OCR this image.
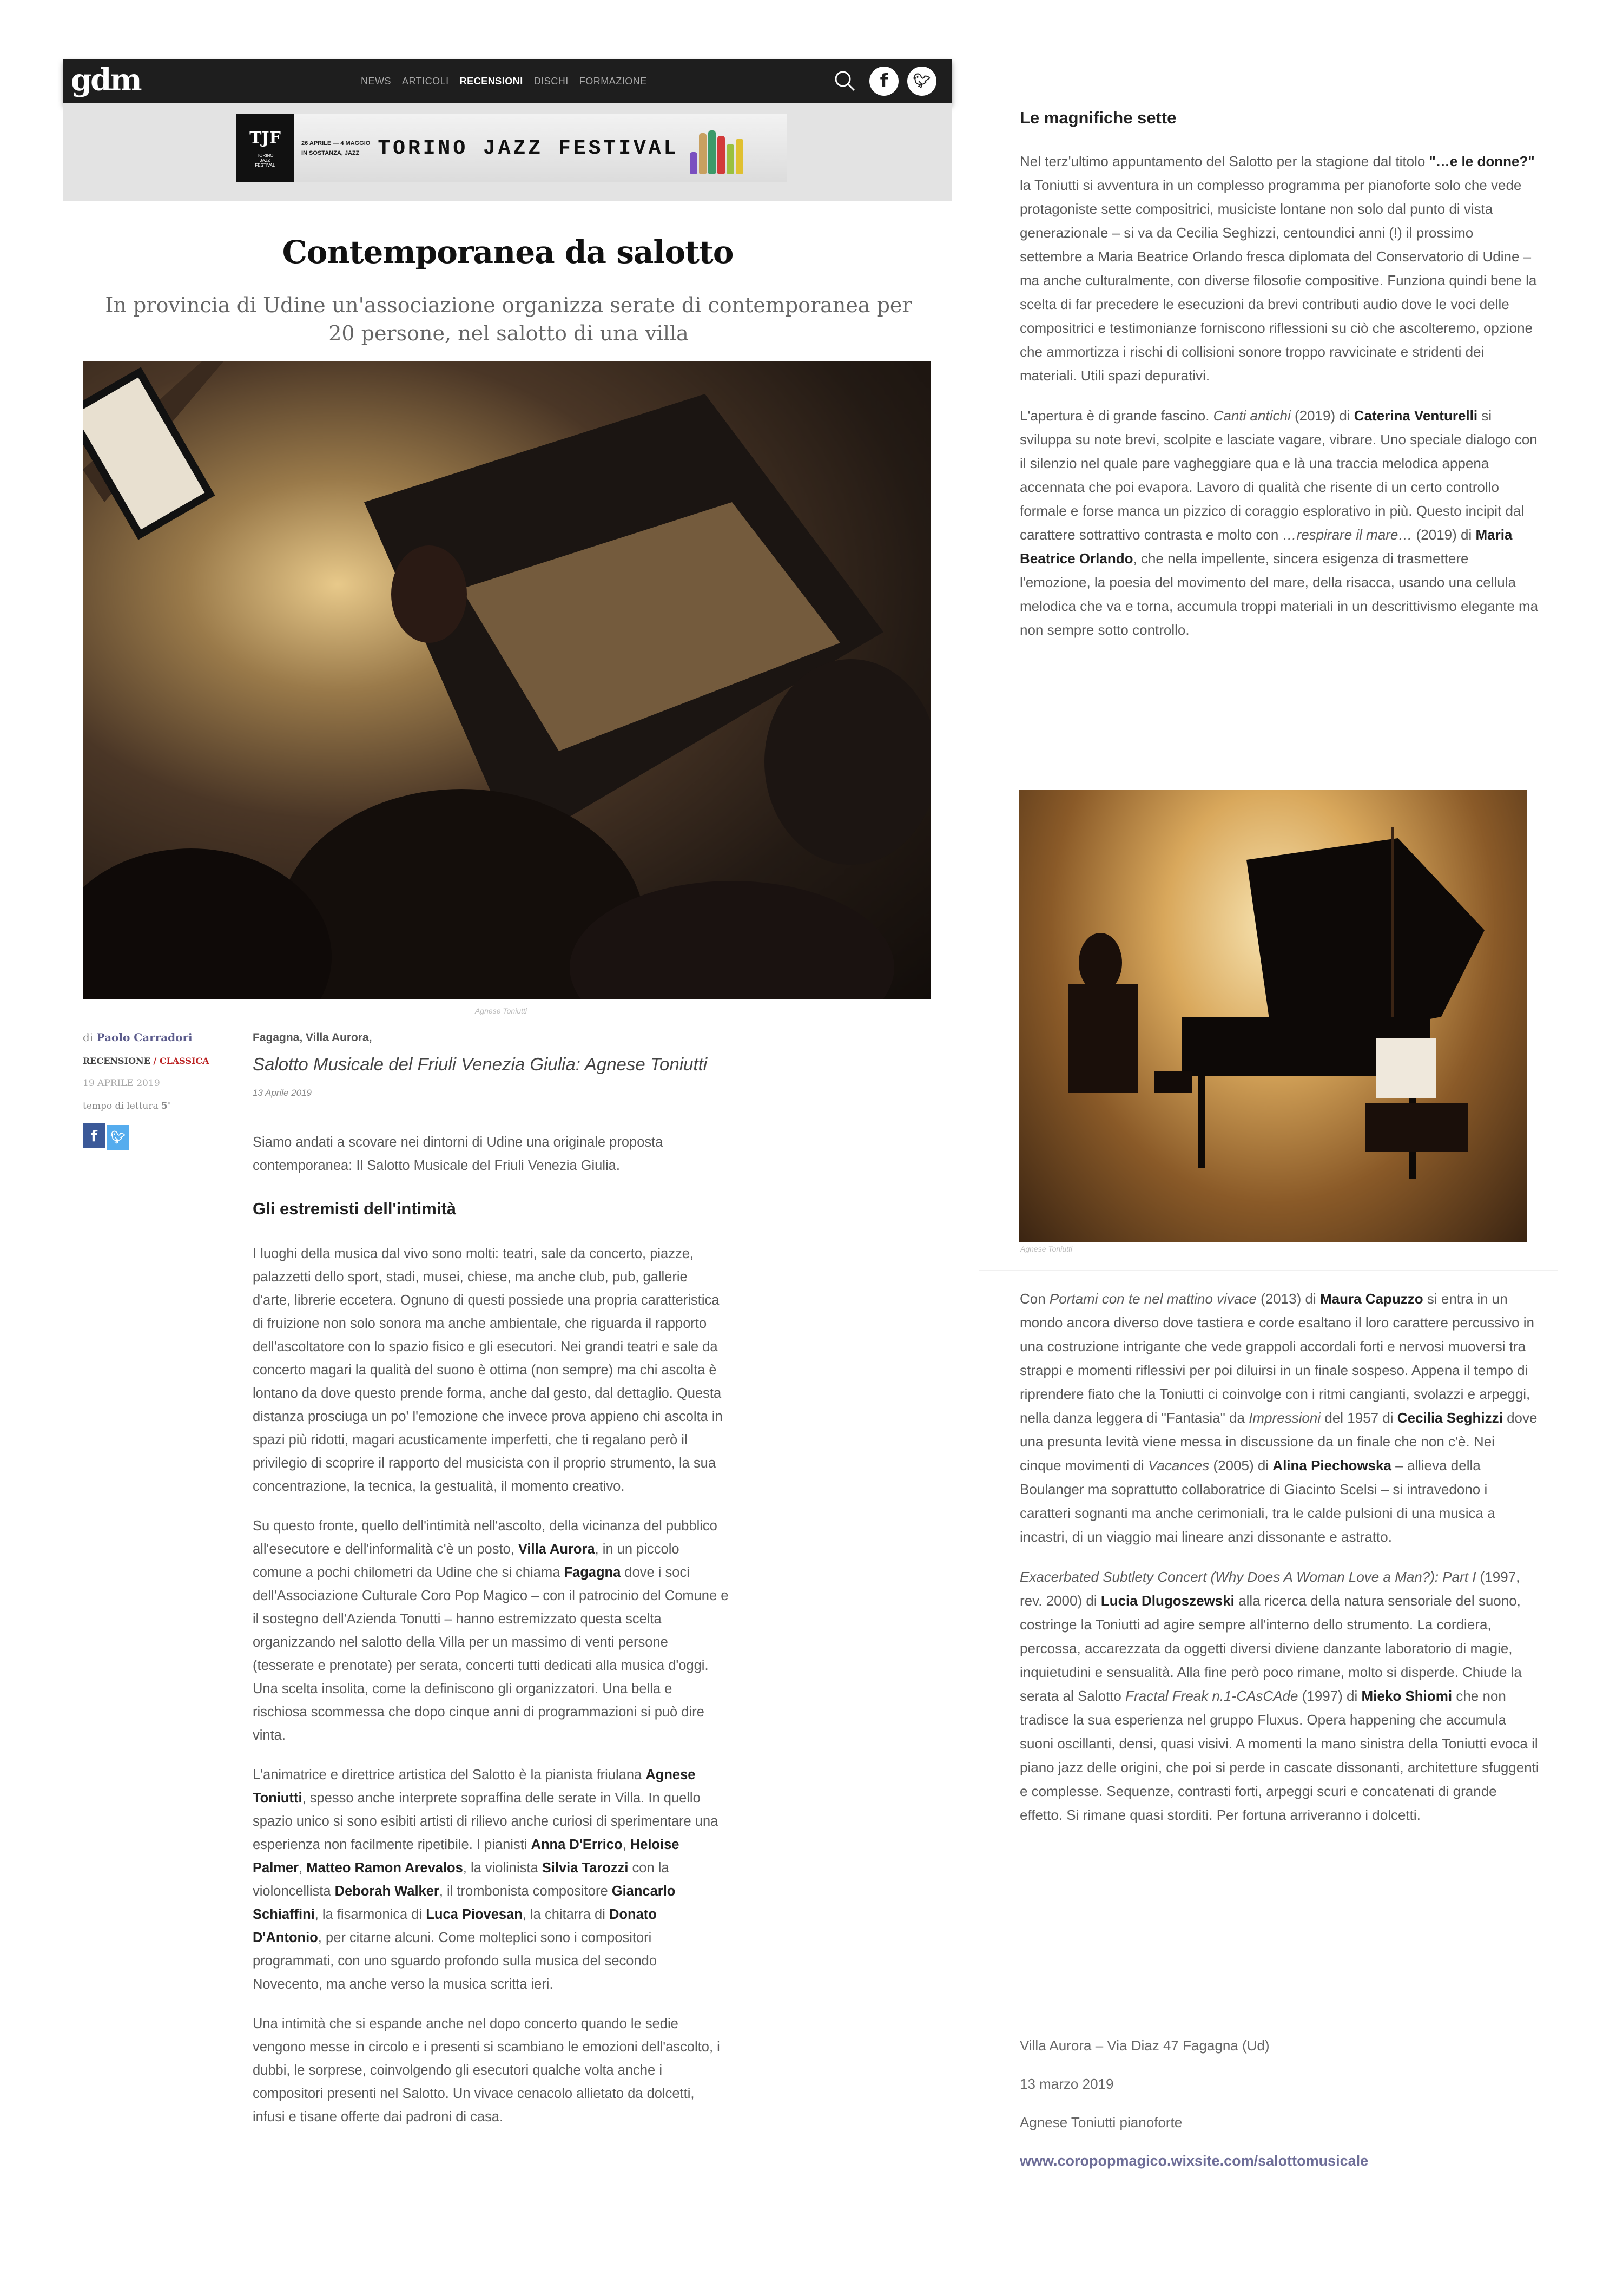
gdm	NEWS ARTICOLI RECENSIONI DISCHI FORMAZIONE	f	🐦︎
TJF
TORINO JAZZ FESTIVAL
26 APRILE — 4 MAGGIO
IN SOSTANZA, JAZZ TORINO JAZZ FESTIVAL
Contemporanea da salotto
In provincia di Udine un'associazione organizza serate di contemporanea per 20 persone, nel salotto di una villa
Agnese Toniutti
di Paolo Carradori
RECENSIONE / CLASSICA
19 APRILE 2019
tempo di lettura 5'
f 🐦︎
Fagagna, Villa Aurora,
Salotto Musicale del Friuli Venezia Giulia: Agnese Toniutti
13 Aprile 2019

Siamo andati a scovare nei dintorni di Udine una originale proposta contemporanea: Il Salotto Musicale del Friuli Venezia Giulia.

Gli estremisti dell'intimità

I luoghi della musica dal vivo sono molti: teatri, sale da concerto, piazze, palazzetti dello sport, stadi, musei, chiese, ma anche club, pub, gallerie d'arte, librerie eccetera. Ognuno di questi possiede una propria caratteristica di fruizione non solo sonora ma anche ambientale, che riguarda il rapporto dell'ascoltatore con lo spazio fisico e gli esecutori. Nei grandi teatri e sale da concerto magari la qualità del suono è ottima (non sempre) ma chi ascolta è lontano da dove questo prende forma, anche dal gesto, dal dettaglio. Questa distanza prosciuga un po' l'emozione che invece prova appieno chi ascolta in spazi più ridotti, magari acusticamente imperfetti, che ti regalano però il privilegio di scoprire il rapporto del musicista con il proprio strumento, la sua concentrazione, la tecnica, la gestualità, il momento creativo.

Su questo fronte, quello dell'intimità nell'ascolto, della vicinanza del pubblico all'esecutore e dell'informalità c'è un posto, Villa Aurora, in un piccolo comune a pochi chilometri da Udine che si chiama Fagagna dove i soci dell'Associazione Culturale Coro Pop Magico – con il patrocinio del Comune e il sostegno dell'Azienda Tonutti – hanno estremizzato questa scelta organizzando nel salotto della Villa per un massimo di venti persone (tesserate e prenotate) per serata, concerti tutti dedicati alla musica d'oggi. Una scelta insolita, come la definiscono gli organizzatori. Una bella e rischiosa scommessa che dopo cinque anni di programmazioni si può dire vinta.

L'animatrice e direttrice artistica del Salotto è la pianista friulana Agnese Toniutti, spesso anche interprete sopraffina delle serate in Villa. In quello spazio unico si sono esibiti artisti di rilievo anche curiosi di sperimentare una esperienza non facilmente ripetibile. I pianisti Anna D'Errico, Heloise Palmer, Matteo Ramon Arevalos, la violinista Silvia Tarozzi con la violoncellista Deborah Walker, il trombonista compositore Giancarlo Schiaffini, la fisarmonica di Luca Piovesan, la chitarra di Donato D'Antonio, per citarne alcuni. Come molteplici sono i compositori programmati, con uno sguardo profondo sulla musica del secondo Novecento, ma anche verso la musica scritta ieri.

Una intimità che si espande anche nel dopo concerto quando le sedie vengono messe in circolo e i presenti si scambiano le emozioni dell'ascolto, i dubbi, le sorprese, coinvolgendo gli esecutori qualche volta anche i compositori presenti nel Salotto. Un vivace cenacolo allietato da dolcetti, infusi e tisane offerte dai padroni di casa.

Le magnifiche sette

Nel terz'ultimo appuntamento del Salotto per la stagione dal titolo "…e le donne?" la Toniutti si avventura in un complesso programma per pianoforte solo che vede protagoniste sette compositrici, musiciste lontane non solo dal punto di vista generazionale – si va da Cecilia Seghizzi, centoundici anni (!) il prossimo settembre a Maria Beatrice Orlando fresca diplomata del Conservatorio di Udine – ma anche culturalmente, con diverse filosofie compositive. Funziona quindi bene la scelta di far precedere le esecuzioni da brevi contributi audio dove le voci delle compositrici e testimonianze forniscono riflessioni su ciò che ascolteremo, opzione che ammortizza i rischi di collisioni sonore troppo ravvicinate e stridenti dei materiali. Utili spazi depurativi.

L'apertura è di grande fascino. Canti antichi (2019) di Caterina Venturelli si sviluppa su note brevi, scolpite e lasciate vagare, vibrare. Uno speciale dialogo con il silenzio nel quale pare vagheggiare qua e là una traccia melodica appena accennata che poi evapora. Lavoro di qualità che risente di un certo controllo formale e forse manca un pizzico di coraggio esplorativo in più. Questo incipit dal carattere sottrattivo contrasta e molto con …respirare il mare… (2019) di Maria Beatrice Orlando, che nella impellente, sincera esigenza di trasmettere l'emozione, la poesia del movimento del mare, della risacca, usando una cellula melodica che va e torna, accumula troppi materiali in un descrittivismo elegante ma non sempre sotto controllo.

Agnese Toniutti

Con Portami con te nel mattino vivace (2013) di Maura Capuzzo si entra in un mondo ancora diverso dove tastiera e corde esaltano il loro carattere percussivo in una costruzione intrigante che vede grappoli accordali forti e nervosi muoversi tra strappi e momenti riflessivi per poi diluirsi in un finale sospeso. Appena il tempo di riprendere fiato che la Toniutti ci coinvolge con i ritmi cangianti, svolazzi e arpeggi, nella danza leggera di "Fantasia" da Impressioni del 1957 di Cecilia Seghizzi dove una presunta levità viene messa in discussione da un finale che non c'è. Nei cinque movimenti di Vacances (2005) di Alina Piechowska – allieva della Boulanger ma soprattutto collaboratrice di Giacinto Scelsi – si intravedono i caratteri sognanti ma anche cerimoniali, tra le calde pulsioni di una musica a incastri, di un viaggio mai lineare anzi dissonante e astratto.

Exacerbated Subtlety Concert (Why Does A Woman Love a Man?): Part I (1997, rev. 2000) di Lucia Dlugoszewski alla ricerca della natura sensoriale del suono, costringe la Toniutti ad agire sempre all'interno dello strumento. La cordiera, percossa, accarezzata da oggetti diversi diviene danzante laboratorio di magie, inquietudini e sensualità. Alla fine però poco rimane, molto si disperde. Chiude la serata al Salotto Fractal Freak n.1-CAsCAde (1997) di Mieko Shiomi che non tradisce la sua esperienza nel gruppo Fluxus. Opera happening che accumula suoni oscillanti, densi, quasi visivi. A momenti la mano sinistra della Toniutti evoca il piano jazz delle origini, che poi si perde in cascate dissonanti, architetture sfuggenti e complesse. Sequenze, contrasti forti, arpeggi scuri e concatenati di grande effetto. Si rimane quasi storditi. Per fortuna arriveranno i dolcetti.

Villa Aurora – Via Diaz 47 Fagagna (Ud)
13 marzo 2019
Agnese Toniutti pianoforte
www.coropopmagico.wixsite.com/salottomusicale
